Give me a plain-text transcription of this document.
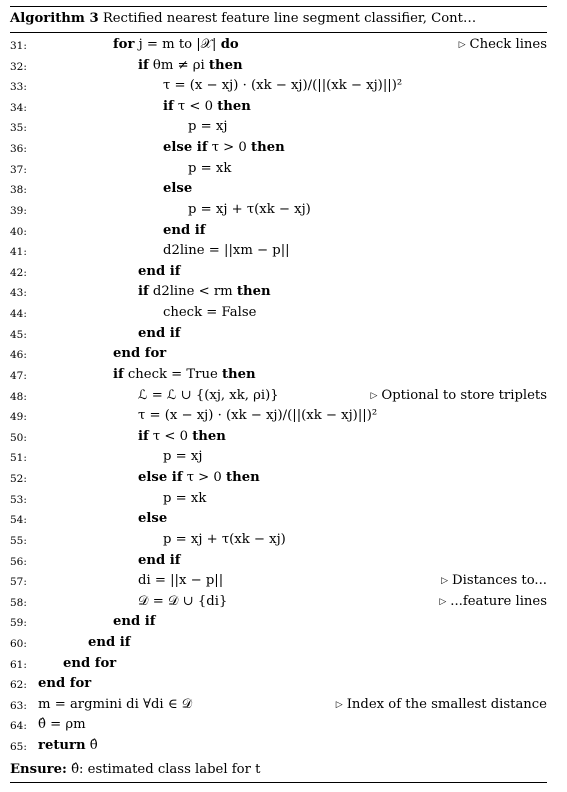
Algorithm 3 Rectified nearest feature line segment classifier, Cont…
31:	for j = m to |𝒳| do	▷ Check lines
32:	if θm ≠ ρi then
33:	τ = (x − xj) · (xk − xj)/(||(xk − xj)||)²
34:	if τ < 0 then
35:	p = xj
36:	else if τ > 0 then
37:	p = xk
38:	else
39:	p = xj + τ(xk − xj)
40:	end if
41:	d2line = ||xm − p||
42:	end if
43:	if d2line < rm then
44:	check = False
45:	end if
46:	end for
47:	if check = True then
48:	ℒ = ℒ ∪ {(xj, xk, ρi)}	▷ Optional to store triplets
49:	τ = (x − xj) · (xk − xj)/(||(xk − xj)||)²
50:	if τ < 0 then
51:	p = xj
52:	else if τ > 0 then
53:	p = xk
54:	else
55:	p = xj + τ(xk − xj)
56:	end if
57:	di = ||x − p||	▷ Distances to...
58:	𝒟 = 𝒟 ∪ {di}	▷ ...feature lines
59:	end if
60:	end if
61:	end for
62: end for
63: m = argmini di ∀di ∈ 𝒟	▷ Index of the smallest distance
64: θ̂ = ρm
65: return θ̂
Ensure: θ̂: estimated class label for t
